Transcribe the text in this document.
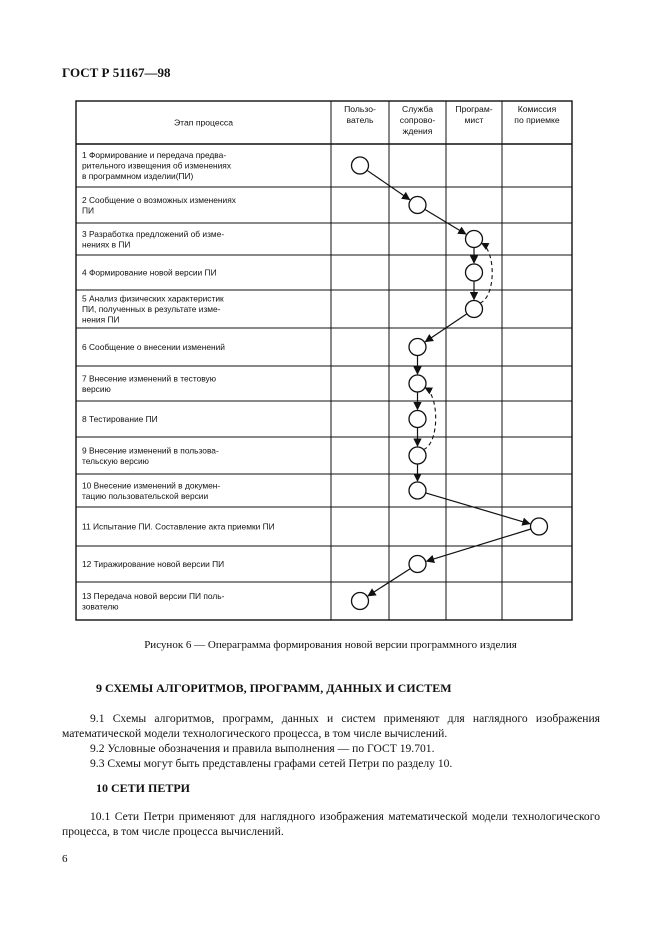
ГОСТ Р 51167—98
Этап процесса
Пользо-
ватель
Служба
сопрово-
ждения
Програм-
мист
Комиссия
по приемке
1 Формирование и передача предва-
рительного извещения об изменениях
в программном изделии(ПИ)
2 Сообщение о возможных изменениях
ПИ
3 Разработка предложений об изме-
нениях в ПИ
4 Формирование новой версии ПИ
5 Анализ физических характеристик
ПИ, полученных в результате изме-
нения ПИ
6 Сообщение о внесении изменений
7 Внесение изменений в тестовую
версию
8 Тестирование ПИ
9 Внесение изменений в пользова-
тельскую версию
10 Внесение изменений в докумен-
тацию пользовательской версии
11 Испытание ПИ. Составление акта приемки ПИ
12 Тиражирование новой версии ПИ
13 Передача новой версии ПИ поль-
зователю
Рисунок 6 — Операграмма формирования новой версии программного изделия
9 СХЕМЫ АЛГОРИТМОВ, ПРОГРАММ, ДАННЫХ И СИСТЕМ
9.1 Схемы алгоритмов, программ, данных и систем применяют для наглядного изображения математической модели технологического процесса, в том числе вычислений.
9.2 Условные обозначения и правила выполнения — по ГОСТ 19.701.
9.3 Схемы могут быть представлены графами сетей Петри по разделу 10.
10 СЕТИ ПЕТРИ
10.1 Сети Петри применяют для наглядного изображения математической модели технологического процесса, в том числе процесса вычислений.
6
